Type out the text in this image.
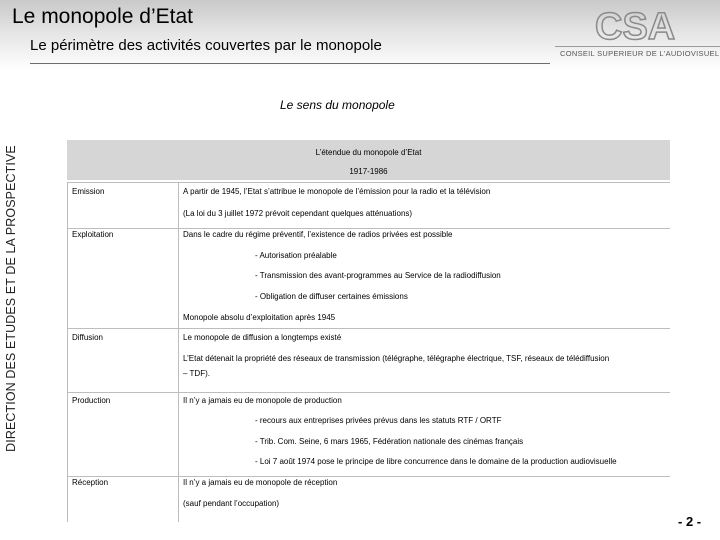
Le monopole d’Etat
Le périmètre des activités couvertes par le monopole	CSA
CONSEIL SUPERIEUR DE L'AUDIOVISUEL
DIRECTION DES ETUDES ET DE LA PROSPECTIVE
Le sens du monopole
L’étendue du monopole d’Etat
1917-1986
Emission	A partir de 1945, l’Etat s’attribue le monopole de l’émission pour la radio et la télévision
(La loi du 3 juillet 1972 prévoit cependant quelques atténuations)
Exploitation	Dans le cadre du régime préventif, l’existence de radios privées est possible
- Autorisation préalable
- Transmission des avant-programmes au Service de la radiodiffusion
- Obligation de diffuser certaines émissions
Monopole absolu d’exploitation après 1945
Diffusion	Le monopole de diffusion a longtemps existé
L’Etat détenait la propriété des réseaux de transmission (télégraphe, télégraphe électrique, TSF, réseaux de télédiffusion
– TDF).
Production	Il n’y a jamais eu de monopole de production
- recours aux entreprises privées prévus dans les statuts RTF / ORTF
- Trib. Com. Seine, 6 mars 1965, Fédération nationale des cinémas français
- Loi 7 août 1974 pose le principe de libre concurrence dans le domaine de la production audiovisuelle
Réception	Il n’y a jamais eu de monopole de réception
(sauf pendant l’occupation)
- 2 -
